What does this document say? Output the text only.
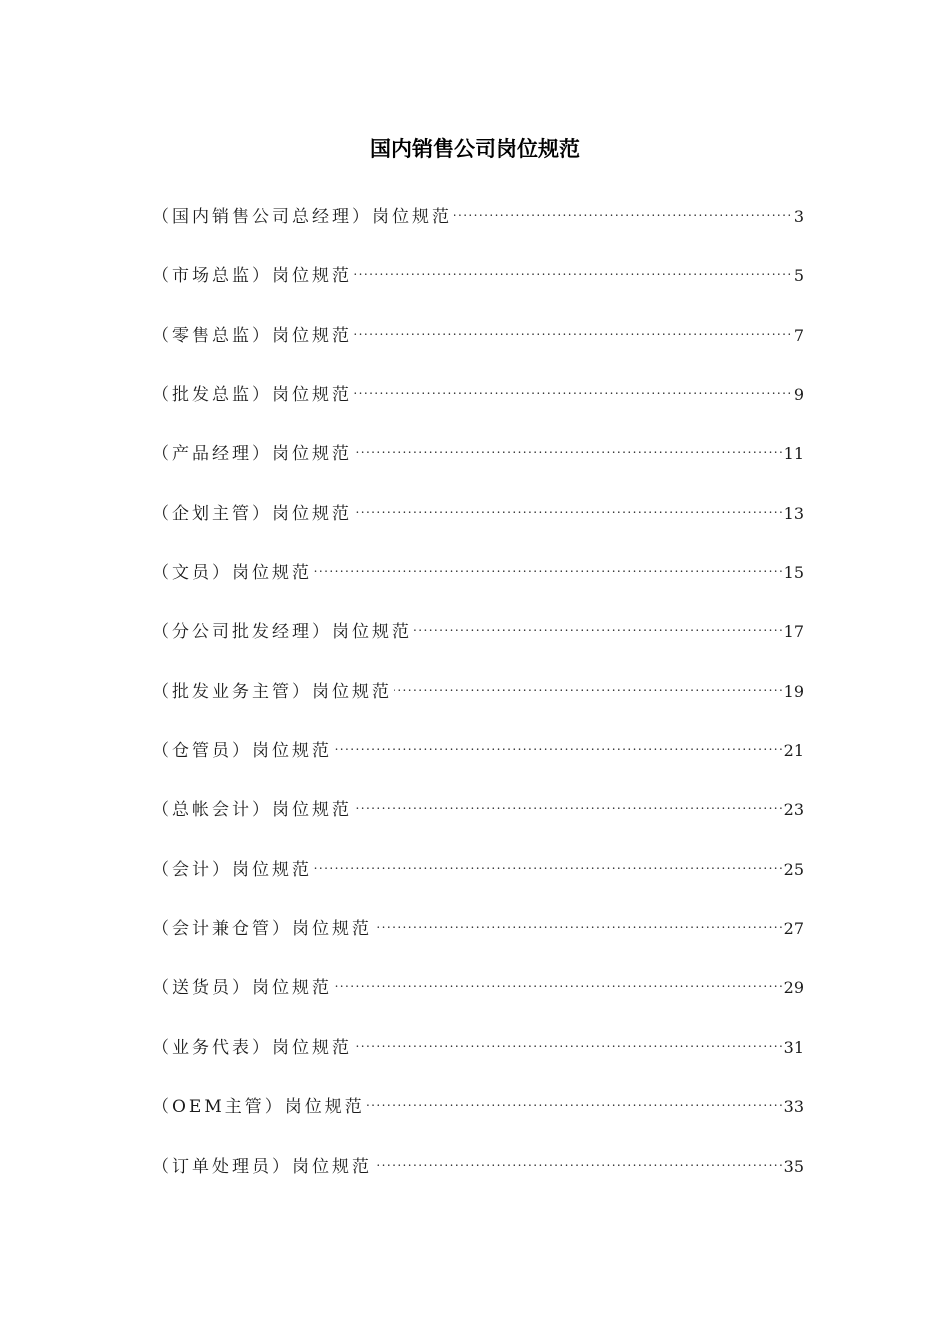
国内销售公司岗位规范
（国内销售公司总经理）岗位规范 . . .	3
（市场总监）岗位规范 . . .	5
（零售总监）岗位规范 . . .	7
（批发总监）岗位规范 . . .	9
（产品经理）岗位规范 . . .	11
（企划主管）岗位规范 . . .	13
（文员）岗位规范 . . .	15
（分公司批发经理）岗位规范 . . .	17
（批发业务主管）岗位规范 . . .	19
（仓管员）岗位规范 . . .	21
（总帐会计）岗位规范 . . .	23
（会计）岗位规范 . . .	25
（会计兼仓管）岗位规范 . . .	27
（送货员）岗位规范 . . .	29
（业务代表）岗位规范 . . .	31
（OEM主管）岗位规范 . . .	33
（订单处理员）岗位规范 . . .	35
